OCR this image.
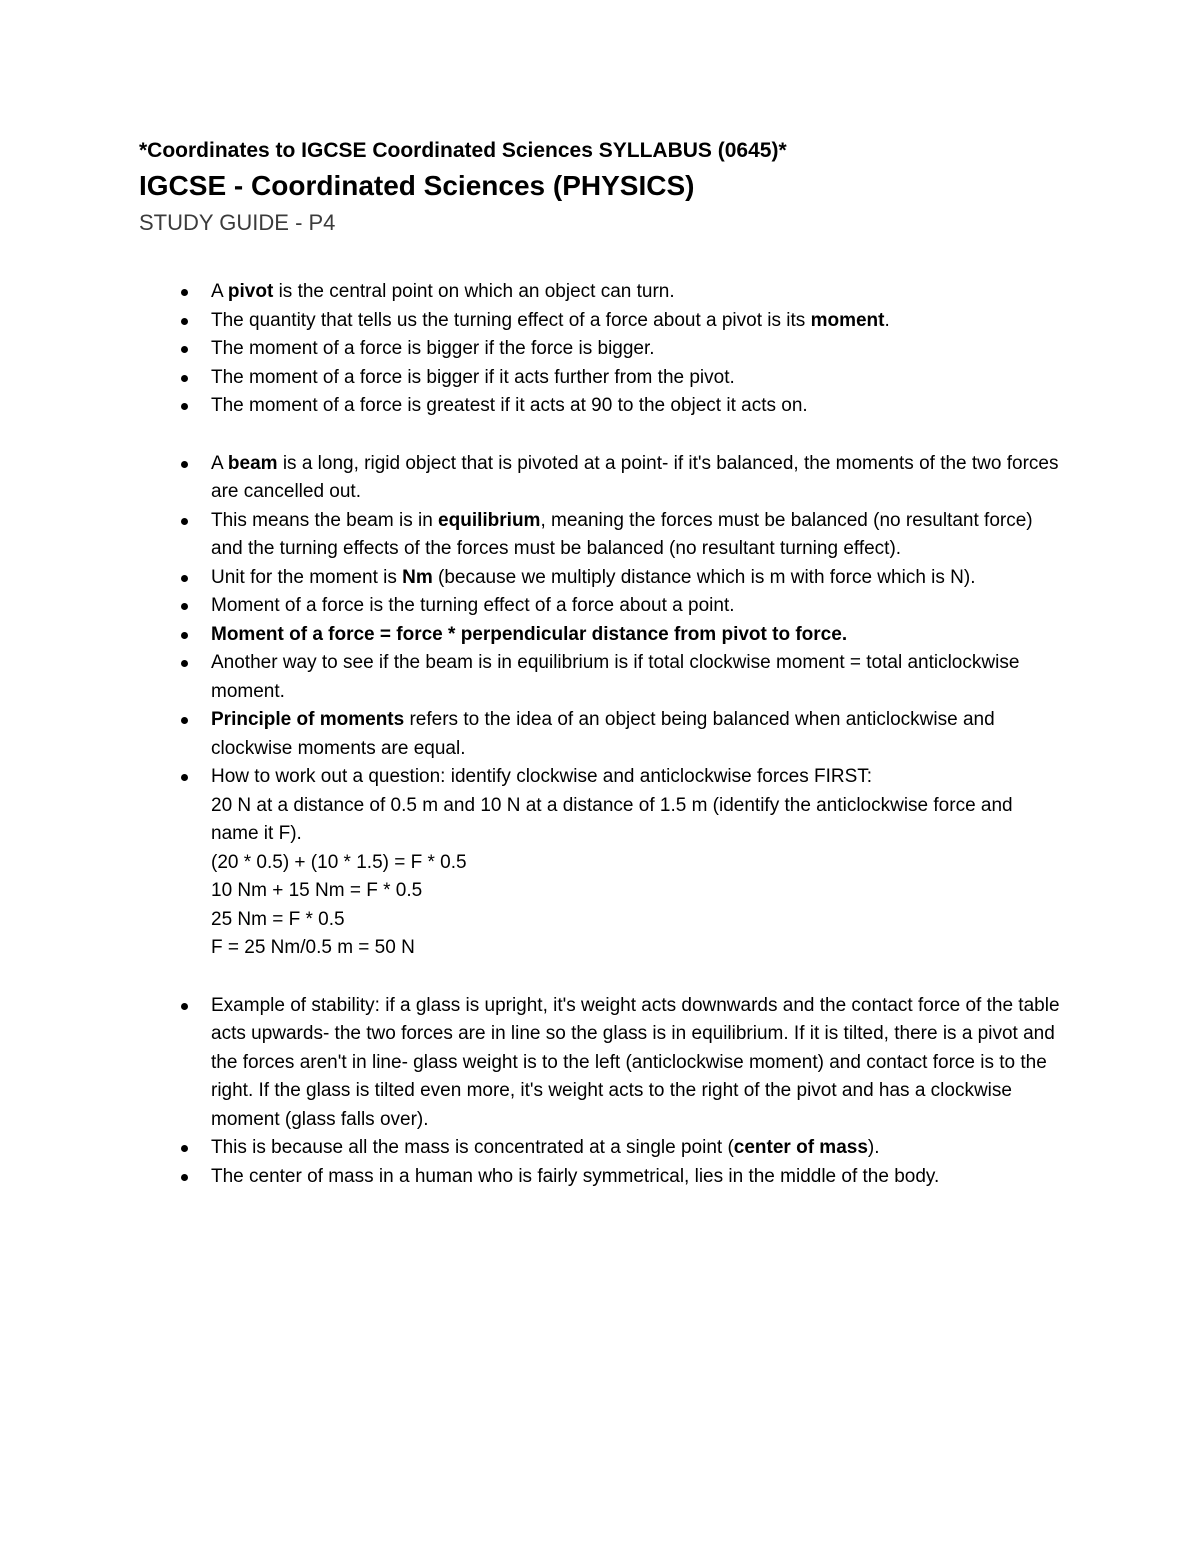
*Coordinates to IGCSE Coordinated Sciences SYLLABUS (0645)*

IGCSE - Coordinated Sciences (PHYSICS)

STUDY GUIDE - P4

A pivot is the central point on which an object can turn.
The quantity that tells us the turning effect of a force about a pivot is its moment.
The moment of a force is bigger if the force is bigger.
The moment of a force is bigger if it acts further from the pivot.
The moment of a force is greatest if it acts at 90 to the object it acts on.
A beam is a long, rigid object that is pivoted at a point- if it's balanced, the moments of the two forces are cancelled out.
This means the beam is in equilibrium, meaning the forces must be balanced (no resultant force) and the turning effects of the forces must be balanced (no resultant turning effect).
Unit for the moment is Nm (because we multiply distance which is m with force which is N).
Moment of a force is the turning effect of a force about a point.
Moment of a force = force * perpendicular distance from pivot to force.
Another way to see if the beam is in equilibrium is if total clockwise moment = total anticlockwise moment.
Principle of moments refers to the idea of an object being balanced when anticlockwise and clockwise moments are equal.
How to work out a question: identify clockwise and anticlockwise forces FIRST:
20 N at a distance of 0.5 m and 10 N at a distance of 1.5 m (identify the anticlockwise force and name it F).
(20 * 0.5) + (10 * 1.5) = F * 0.5
10 Nm + 15 Nm = F * 0.5
25 Nm = F * 0.5
F = 25 Nm/0.5 m = 50 N
Example of stability: if a glass is upright, it's weight acts downwards and the contact force of the table acts upwards- the two forces are in line so the glass is in equilibrium. If it is tilted, there is a pivot and the forces aren't in line- glass weight is to the left (anticlockwise moment) and contact force is to the right. If the glass is tilted even more, it's weight acts to the right of the pivot and has a clockwise moment (glass falls over).
This is because all the mass is concentrated at a single point (center of mass).
The center of mass in a human who is fairly symmetrical, lies in the middle of the body.
